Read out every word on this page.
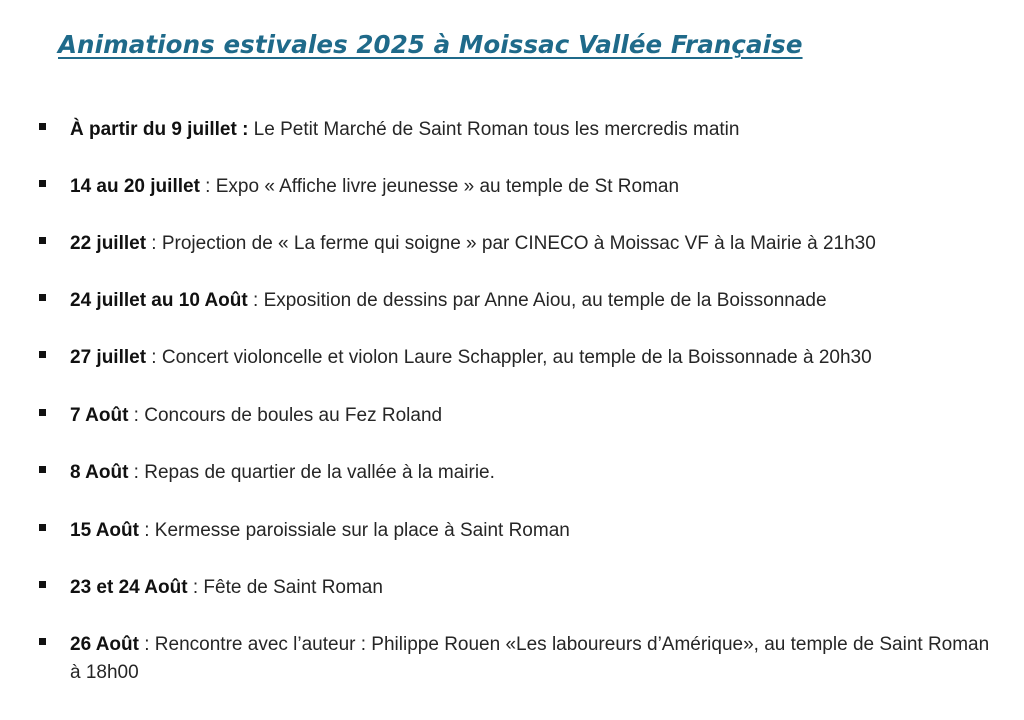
Animations estivales 2025 à Moissac Vallée Française
À partir du 9 juillet : Le Petit Marché de Saint Roman tous les mercredis matin
14 au 20 juillet : Expo « Affiche livre jeunesse » au temple de St Roman
22 juillet : Projection de « La ferme qui soigne » par CINECO à Moissac VF à la Mairie à 21h30
24 juillet au 10 Août : Exposition de dessins par Anne Aiou, au temple de la Boissonnade
27 juillet : Concert violoncelle et violon Laure Schappler, au temple de la Boissonnade à 20h30
7 Août : Concours de boules au Fez Roland
8 Août : Repas de quartier de la vallée à la mairie.
15 Août : Kermesse paroissiale sur la place à Saint Roman
23 et 24 Août : Fête de Saint Roman
26 Août : Rencontre avec l’auteur : Philippe Rouen «Les laboureurs d’Amérique», au temple de Saint Roman à 18h00
